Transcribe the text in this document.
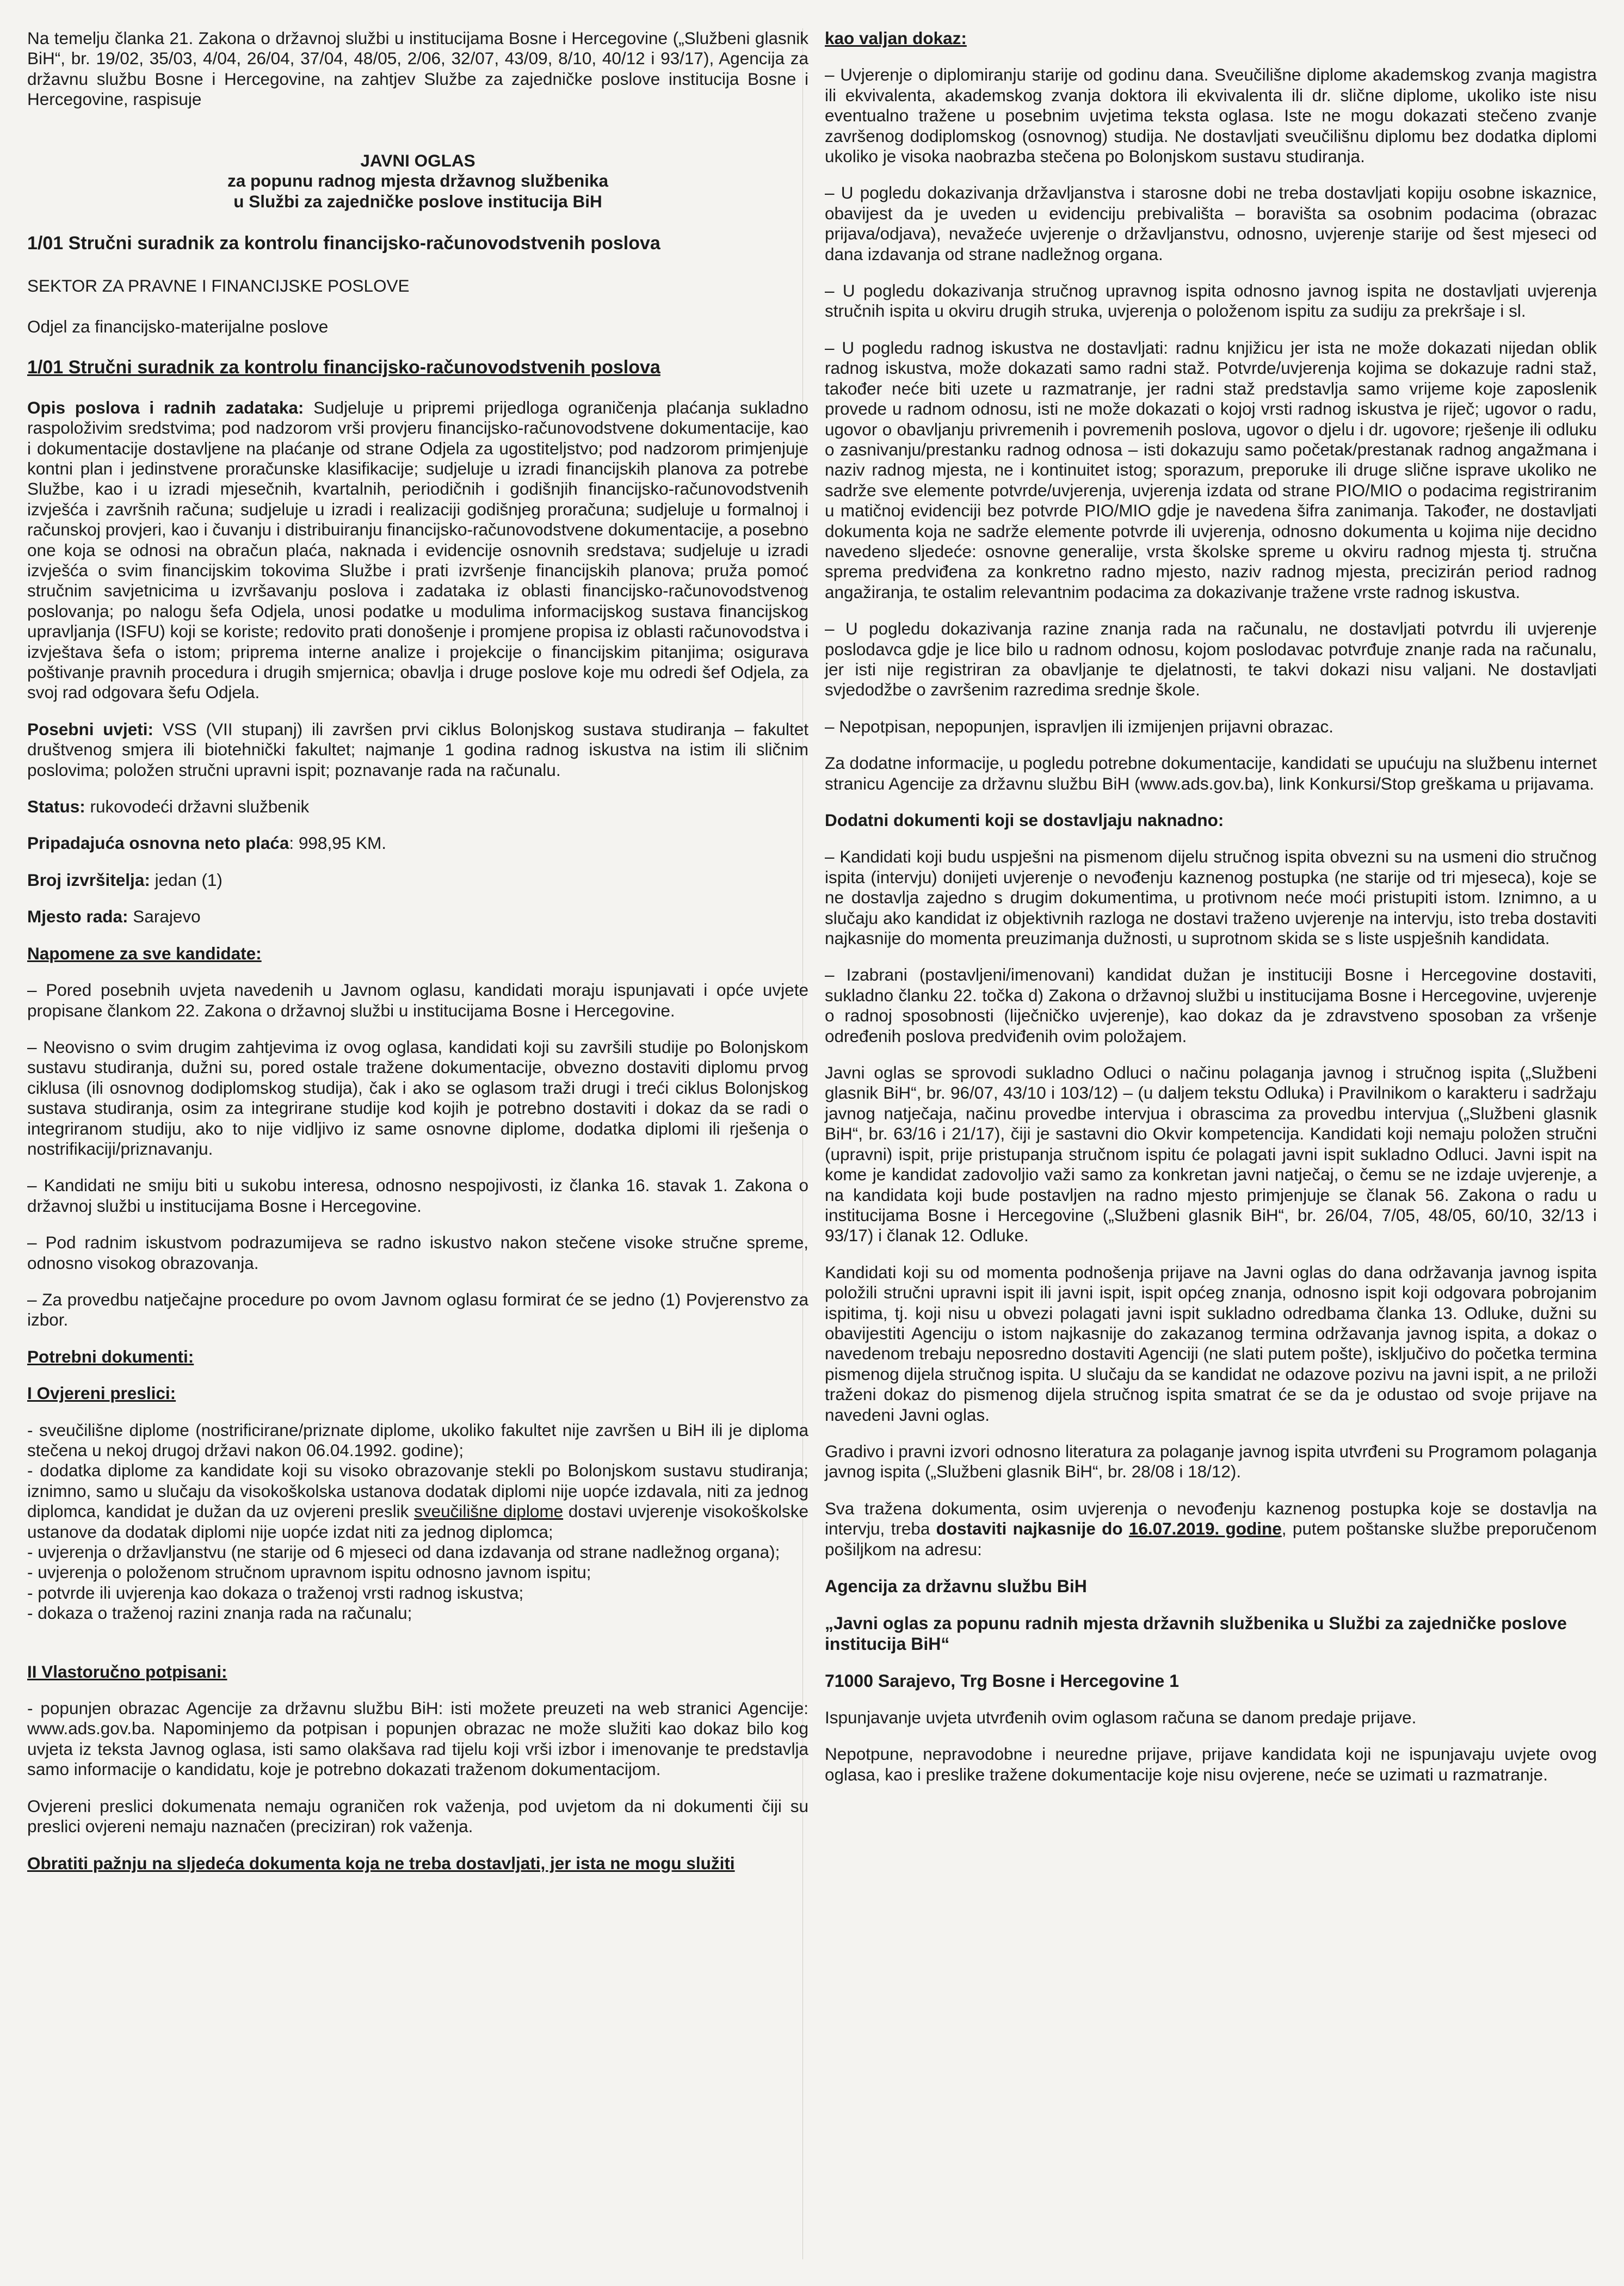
Na temelju članka 21. Zakona o državnoj službi u institucijama Bosne i Hercegovine („Službeni glasnik BiH“, br. 19/02, 35/03, 4/04, 26/04, 37/04, 48/05, 2/06, 32/07, 43/09, 8/10, 40/12 i 93/17), Agencija za državnu službu Bosne i Hercegovine, na zahtjev Službe za zajedničke poslove institucija Bosne i Hercegovine, raspisuje

JAVNI OGLAS
za popunu radnog mjesta državnog službenika
u Službi za zajedničke poslove institucija BiH

1/01 Stručni suradnik za kontrolu financijsko-računovodstvenih poslova

SEKTOR ZA PRAVNE I FINANCIJSKE POSLOVE

Odjel za financijsko-materijalne poslove

1/01 Stručni suradnik za kontrolu financijsko-računovodstvenih poslova

Opis poslova i radnih zadataka: Sudjeluje u pripremi prijedloga ograničenja plaćanja sukladno raspoloživim sredstvima; pod nadzorom vrši provjeru financijsko-računovodstvene dokumentacije, kao i dokumentacije dostavljene na plaćanje od strane Odjela za ugostiteljstvo; pod nadzorom primjenjuje kontni plan i jedinstvene proračunske klasifikacije; sudjeluje u izradi financijskih planova za potrebe Službe, kao i u izradi mjesečnih, kvartalnih, periodičnih i godišnjih financijsko-računovodstvenih izvješća i završnih računa; sudjeluje u izradi i realizaciji godišnjeg proračuna; sudjeluje u formalnoj i računskoj provjeri, kao i čuvanju i distribuiranju financijsko-računovodstvene dokumentacije, a posebno one koja se odnosi na obračun plaća, naknada i evidencije osnovnih sredstava; sudjeluje u izradi izvješća o svim financijskim tokovima Službe i prati izvršenje financijskih planova; pruža pomoć stručnim savjetnicima u izvršavanju poslova i zadataka iz oblasti financijsko-računovodstvenog poslovanja; po nalogu šefa Odjela, unosi podatke u modulima informacijskog sustava financijskog upravljanja (ISFU) koji se koriste; redovito prati donošenje i promjene propisa iz oblasti računovodstva i izvještava šefa o istom; priprema interne analize i projekcije o financijskim pitanjima; osigurava poštivanje pravnih procedura i drugih smjernica; obavlja i druge poslove koje mu odredi šef Odjela, za svoj rad odgovara šefu Odjela.

Posebni uvjeti: VSS (VII stupanj) ili završen prvi ciklus Bolonjskog sustava studiranja – fakultet društvenog smjera ili biotehnički fakultet; najmanje 1 godina radnog iskustva na istim ili sličnim poslovima; položen stručni upravni ispit; poznavanje rada na računalu.

Status: rukovodeći državni službenik

Pripadajuća osnovna neto plaća: 998,95 KM.

Broj izvršitelja: jedan (1)

Mjesto rada: Sarajevo

Napomene za sve kandidate:

– Pored posebnih uvjeta navedenih u Javnom oglasu, kandidati moraju ispunjavati i opće uvjete propisane člankom 22. Zakona o državnoj službi u institucijama Bosne i Hercegovine.

– Neovisno o svim drugim zahtjevima iz ovog oglasa, kandidati koji su završili studije po Bolonjskom sustavu studiranja, dužni su, pored ostale tražene dokumentacije, obvezno dostaviti diplomu prvog ciklusa (ili osnovnog dodiplomskog studija), čak i ako se oglasom traži drugi i treći ciklus Bolonjskog sustava studiranja, osim za integrirane studije kod kojih je potrebno dostaviti i dokaz da se radi o integriranom studiju, ako to nije vidljivo iz same osnovne diplome, dodatka diplomi ili rješenja o nostrifikaciji/priznavanju.

– Kandidati ne smiju biti u sukobu interesa, odnosno nespojivosti, iz članka 16. stavak 1. Zakona o državnoj službi u institucijama Bosne i Hercegovine.

– Pod radnim iskustvom podrazumijeva se radno iskustvo nakon stečene visoke stručne spreme, odnosno visokog obrazovanja.

– Za provedbu natječajne procedure po ovom Javnom oglasu formirat će se jedno (1) Povjerenstvo za izbor.

Potrebni dokumenti:

I Ovjereni preslici:

- sveučilišne diplome (nostrificirane/priznate diplome, ukoliko fakultet nije završen u BiH ili je diploma stečena u nekoj drugoj državi nakon 06.04.1992. godine);

- dodatka diplome za kandidate koji su visoko obrazovanje stekli po Bolonjskom sustavu studiranja; iznimno, samo u slučaju da visokoškolska ustanova dodatak diplomi nije uopće izdavala, niti za jednog diplomca, kandidat je dužan da uz ovjereni preslik sveučilišne diplome dostavi uvjerenje visokoškolske ustanove da dodatak diplomi nije uopće izdat niti za jednog diplomca;

- uvjerenja o državljanstvu (ne starije od 6 mjeseci od dana izdavanja od strane nadležnog organa);

- uvjerenja o položenom stručnom upravnom ispitu odnosno javnom ispitu;

- potvrde ili uvjerenja kao dokaza o traženoj vrsti radnog iskustva;

- dokaza o traženoj razini znanja rada na računalu;

II Vlastoručno potpisani:

- popunjen obrazac Agencije za državnu službu BiH: isti možete preuzeti na web stranici Agencije: www.ads.gov.ba. Napominjemo da potpisan i popunjen obrazac ne može služiti kao dokaz bilo kog uvjeta iz teksta Javnog oglasa, isti samo olakšava rad tijelu koji vrši izbor i imenovanje te predstavlja samo informacije o kandidatu, koje je potrebno dokazati traženom dokumentacijom.

Ovjereni preslici dokumenata nemaju ograničen rok važenja, pod uvjetom da ni dokumenti čiji su preslici ovjereni nemaju naznačen (preciziran) rok važenja.

Obratiti pažnju na sljedeća dokumenta koja ne treba dostavljati, jer ista ne mogu služiti

kao valjan dokaz:

– Uvjerenje o diplomiranju starije od godinu dana. Sveučilišne diplome akademskog zvanja magistra ili ekvivalenta, akademskog zvanja doktora ili ekvivalenta ili dr. slične diplome, ukoliko iste nisu eventualno tražene u posebnim uvjetima teksta oglasa. Iste ne mogu dokazati stečeno zvanje završenog dodiplomskog (osnovnog) studija. Ne dostavljati sveučilišnu diplomu bez dodatka diplomi ukoliko je visoka naobrazba stečena po Bolonjskom sustavu studiranja.

– U pogledu dokazivanja državljanstva i starosne dobi ne treba dostavljati kopiju osobne iskaznice, obavijest da je uveden u evidenciju prebivališta – boravišta sa osobnim podacima (obrazac prijava/odjava), nevažeće uvjerenje o državljanstvu, odnosno, uvjerenje starije od šest mjeseci od dana izdavanja od strane nadležnog organa.

– U pogledu dokazivanja stručnog upravnog ispita odnosno javnog ispita ne dostavljati uvjerenja stručnih ispita u okviru drugih struka, uvjerenja o položenom ispitu za sudiju za prekršaje i sl.

– U pogledu radnog iskustva ne dostavljati: radnu knjižicu jer ista ne može dokazati nijedan oblik radnog iskustva, može dokazati samo radni staž. Potvrde/uvjerenja kojima se dokazuje radni staž, također neće biti uzete u razmatranje, jer radni staž predstavlja samo vrijeme koje zaposlenik provede u radnom odnosu, isti ne može dokazati o kojoj vrsti radnog iskustva je riječ; ugovor o radu, ugovor o obavljanju privremenih i povremenih poslova, ugovor o djelu i dr. ugovore; rješenje ili odluku o zasnivanju/prestanku radnog odnosa – isti dokazuju samo početak/prestanak radnog angažmana i naziv radnog mjesta, ne i kontinuitet istog; sporazum, preporuke ili druge slične isprave ukoliko ne sadrže sve elemente potvrde/uvjerenja, uvjerenja izdata od strane PIO/MIO o podacima registriranim u matičnoj evidenciji bez potvrde PIO/MIO gdje je navedena šifra zanimanja. Također, ne dostavljati dokumenta koja ne sadrže elemente potvrde ili uvjerenja, odnosno dokumenta u kojima nije decidno navedeno sljedeće: osnovne generalije, vrsta školske spreme u okviru radnog mjesta tj. stručna sprema predviđena za konkretno radno mjesto, naziv radnog mjesta, precizirán period radnog angažiranja, te ostalim relevantnim podacima za dokazivanje tražene vrste radnog iskustva.

– U pogledu dokazivanja razine znanja rada na računalu, ne dostavljati potvrdu ili uvjerenje poslodavca gdje je lice bilo u radnom odnosu, kojom poslodavac potvrđuje znanje rada na računalu, jer isti nije registriran za obavljanje te djelatnosti, te takvi dokazi nisu valjani. Ne dostavljati svjedodžbe o završenim razredima srednje škole.

– Nepotpisan, nepopunjen, ispravljen ili izmijenjen prijavni obrazac.

Za dodatne informacije, u pogledu potrebne dokumentacije, kandidati se upućuju na službenu internet stranicu Agencije za državnu službu BiH (www.ads.gov.ba), link Konkursi/Stop greškama u prijavama.

Dodatni dokumenti koji se dostavljaju naknadno:

– Kandidati koji budu uspješni na pismenom dijelu stručnog ispita obvezni su na usmeni dio stručnog ispita (intervju) donijeti uvjerenje o nevođenju kaznenog postupka (ne starije od tri mjeseca), koje se ne dostavlja zajedno s drugim dokumentima, u protivnom neće moći pristupiti istom. Iznimno, a u slučaju ako kandidat iz objektivnih razloga ne dostavi traženo uvjerenje na intervju, isto treba dostaviti najkasnije do momenta preuzimanja dužnosti, u suprotnom skida se s liste uspješnih kandidata.

– Izabrani (postavljeni/imenovani) kandidat dužan je instituciji Bosne i Hercegovine dostaviti, sukladno članku 22. točka d) Zakona o državnoj službi u institucijama Bosne i Hercegovine, uvjerenje o radnoj sposobnosti (liječničko uvjerenje), kao dokaz da je zdravstveno sposoban za vršenje određenih poslova predviđenih ovim položajem.

Javni oglas se sprovodi sukladno Odluci o načinu polaganja javnog i stručnog ispita („Službeni glasnik BiH“, br. 96/07, 43/10 i 103/12) – (u daljem tekstu Odluka) i Pravilnikom o karakteru i sadržaju javnog natječaja, načinu provedbe intervjua i obrascima za provedbu intervjua („Službeni glasnik BiH“, br. 63/16 i 21/17), čiji je sastavni dio Okvir kompetencija. Kandidati koji nemaju položen stručni (upravni) ispit, prije pristupanja stručnom ispitu će polagati javni ispit sukladno Odluci. Javni ispit na kome je kandidat zadovoljio važi samo za konkretan javni natječaj, o čemu se ne izdaje uvjerenje, a na kandidata koji bude postavljen na radno mjesto primjenjuje se članak 56. Zakona o radu u institucijama Bosne i Hercegovine („Službeni glasnik BiH“, br. 26/04, 7/05, 48/05, 60/10, 32/13 i 93/17) i članak 12. Odluke.

Kandidati koji su od momenta podnošenja prijave na Javni oglas do dana održavanja javnog ispita položili stručni upravni ispit ili javni ispit, ispit općeg znanja, odnosno ispit koji odgovara pobrojanim ispitima, tj. koji nisu u obvezi polagati javni ispit sukladno odredbama članka 13. Odluke, dužni su obavijestiti Agenciju o istom najkasnije do zakazanog termina održavanja javnog ispita, a dokaz o navedenom trebaju neposredno dostaviti Agenciji (ne slati putem pošte), isključivo do početka termina pismenog dijela stručnog ispita. U slučaju da se kandidat ne odazove pozivu na javni ispit, a ne priloži traženi dokaz do pismenog dijela stručnog ispita smatrat će se da je odustao od svoje prijave na navedeni Javni oglas.

Gradivo i pravni izvori odnosno literatura za polaganje javnog ispita utvrđeni su Programom polaganja javnog ispita („Službeni glasnik BiH“, br. 28/08 i 18/12).

Sva tražena dokumenta, osim uvjerenja o nevođenju kaznenog postupka koje se dostavlja na intervju, treba dostaviti najkasnije do 16.07.2019. godine, putem poštanske službe preporučenom pošiljkom na adresu:

Agencija za državnu službu BiH

„Javni oglas za popunu radnih mjesta državnih službenika u Službi za zajedničke poslove institucija BiH“

71000 Sarajevo, Trg Bosne i Hercegovine 1

Ispunjavanje uvjeta utvrđenih ovim oglasom računa se danom predaje prijave.

Nepotpune, nepravodobne i neuredne prijave, prijave kandidata koji ne ispunjavaju uvjete ovog oglasa, kao i preslike tražene dokumentacije koje nisu ovjerene, neće se uzimati u razmatranje.
